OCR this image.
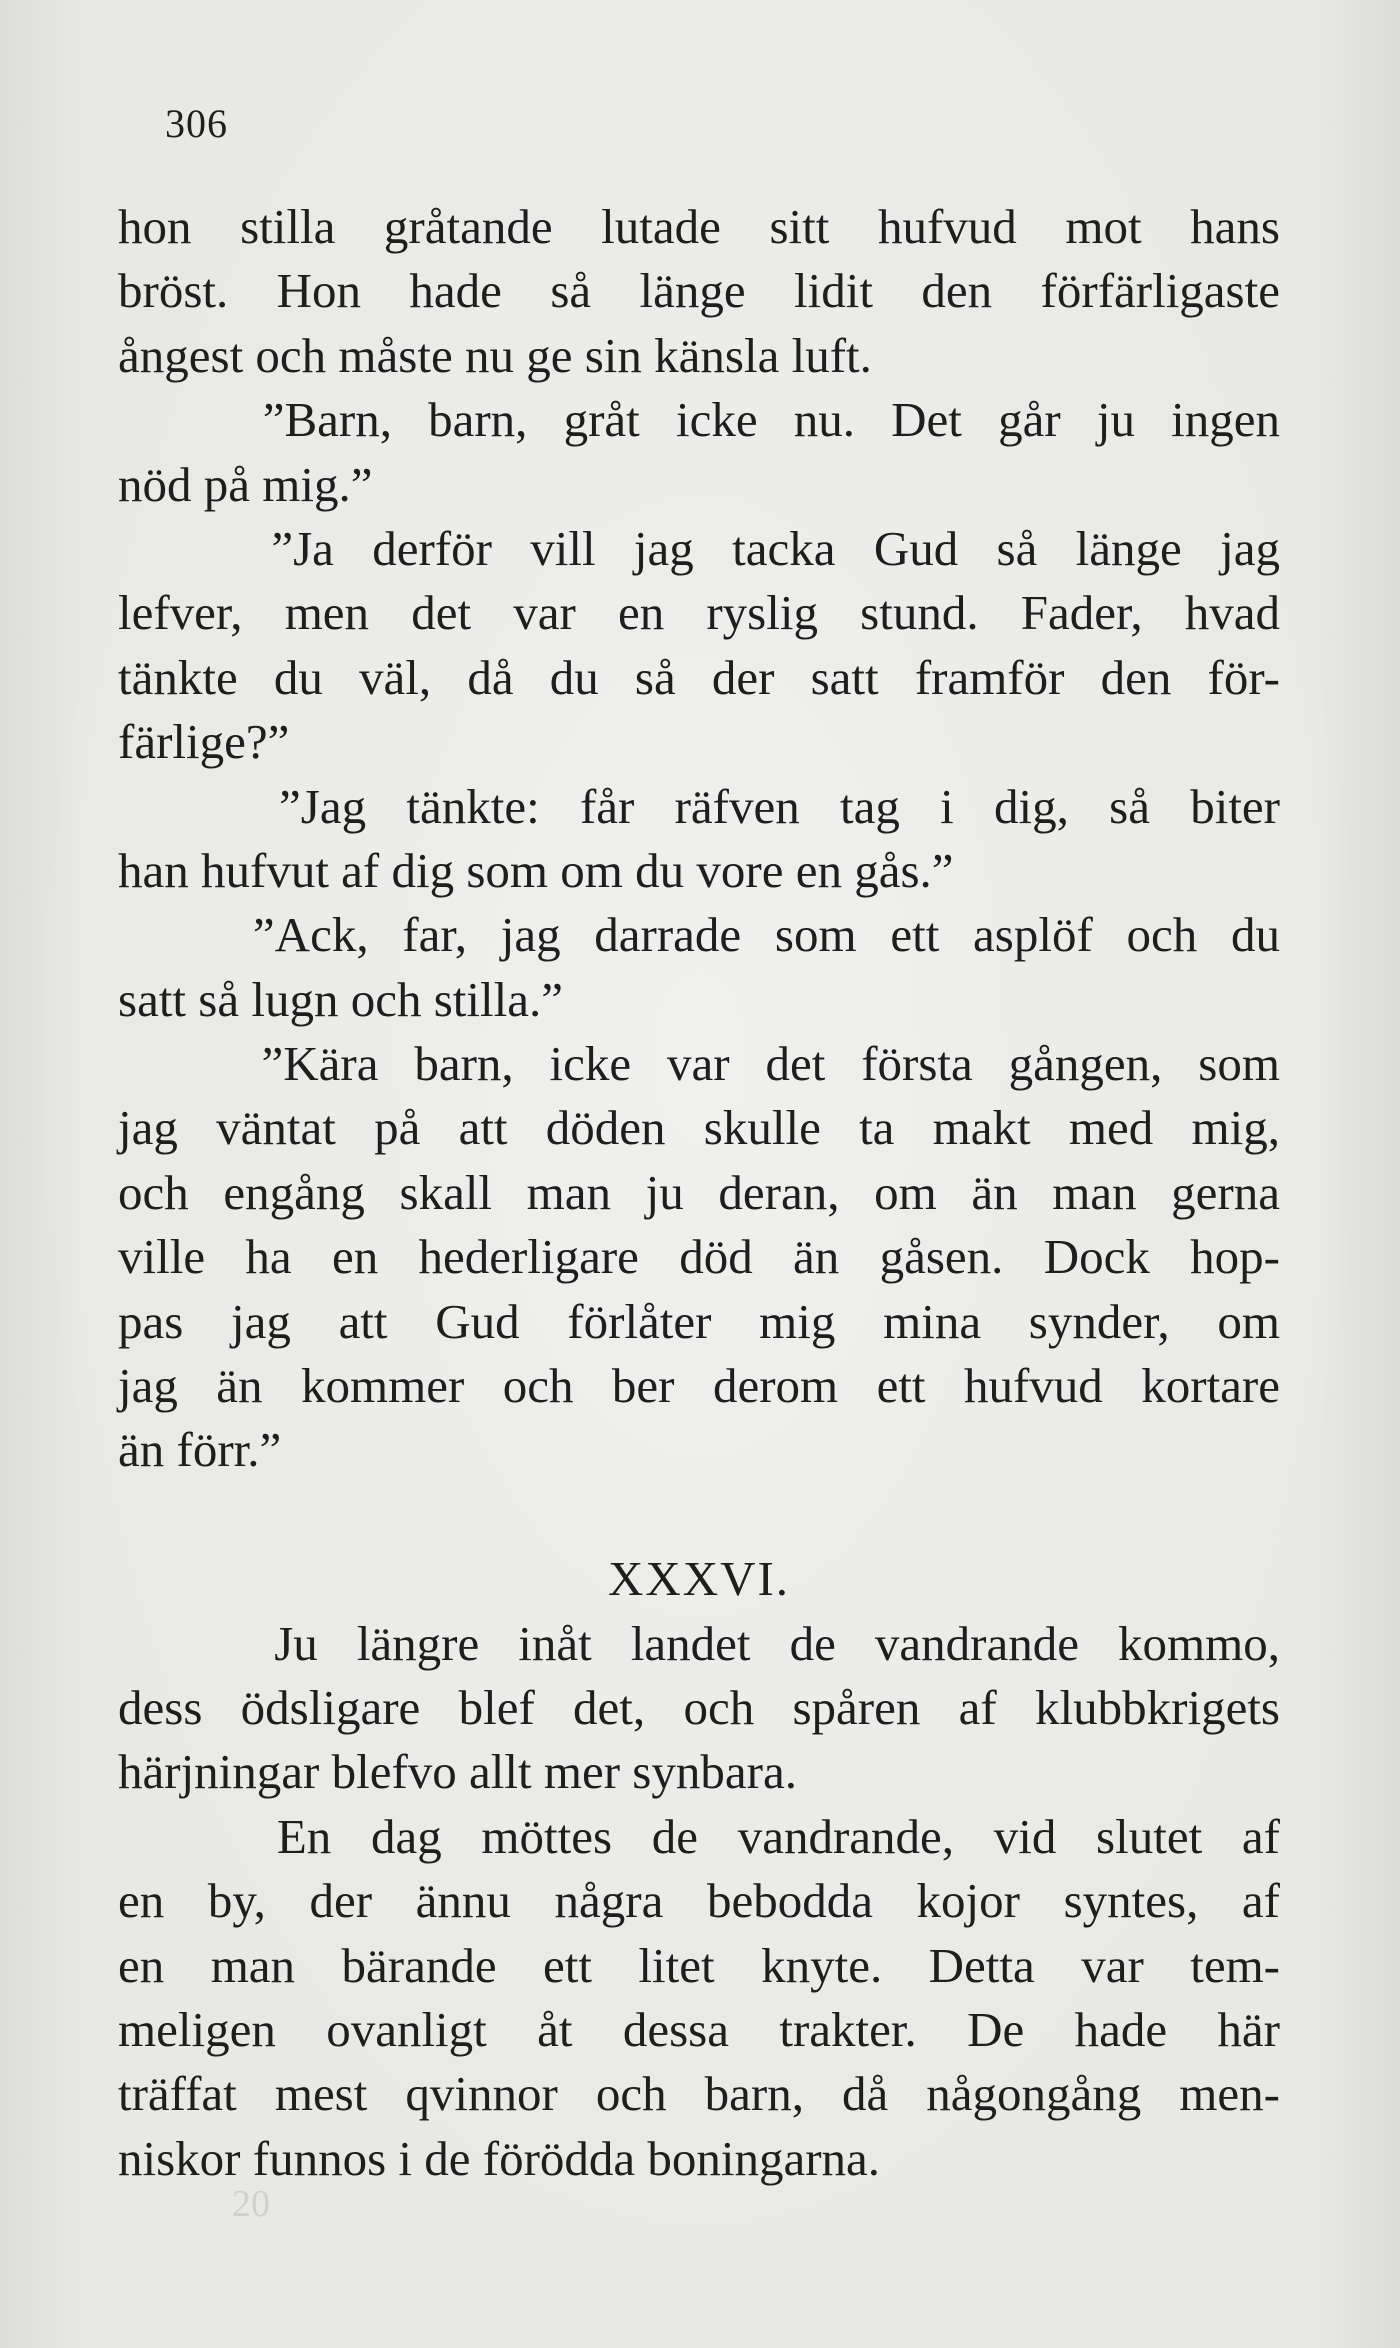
306
hon stilla gråtande lutade sitt hufvud mot hans
bröst. Hon hade så länge lidit den förfärligaste
ångest och måste nu ge sin känsla luft.
”Barn, barn, gråt icke nu. Det går ju ingen
nöd på mig.”
”Ja derför vill jag tacka Gud så länge jag
lefver, men det var en ryslig stund. Fader, hvad
tänkte du väl, då du så der satt framför den för-
färlige?”
”Jag tänkte: får räfven tag i dig, så biter
han hufvut af dig som om du vore en gås.”
”Ack, far, jag darrade som ett asplöf och du
satt så lugn och stilla.”
”Kära barn, icke var det första gången, som
jag väntat på att döden skulle ta makt med mig,
och engång skall man ju deran, om än man gerna
ville ha en hederligare död än gåsen. Dock hop-
pas jag att Gud förlåter mig mina synder, om
jag än kommer och ber derom ett hufvud kortare
än förr.”
XXXVI.
Ju längre inåt landet de vandrande kommo,
dess ödsligare blef det, och spåren af klubbkrigets
härjningar blefvo allt mer synbara.
En dag möttes de vandrande, vid slutet af
en by, der ännu några bebodda kojor syntes, af
en man bärande ett litet knyte. Detta var tem-
meligen ovanligt åt dessa trakter. De hade här
träffat mest qvinnor och barn, då någongång men-
niskor funnos i de förödda boningarna.
20
